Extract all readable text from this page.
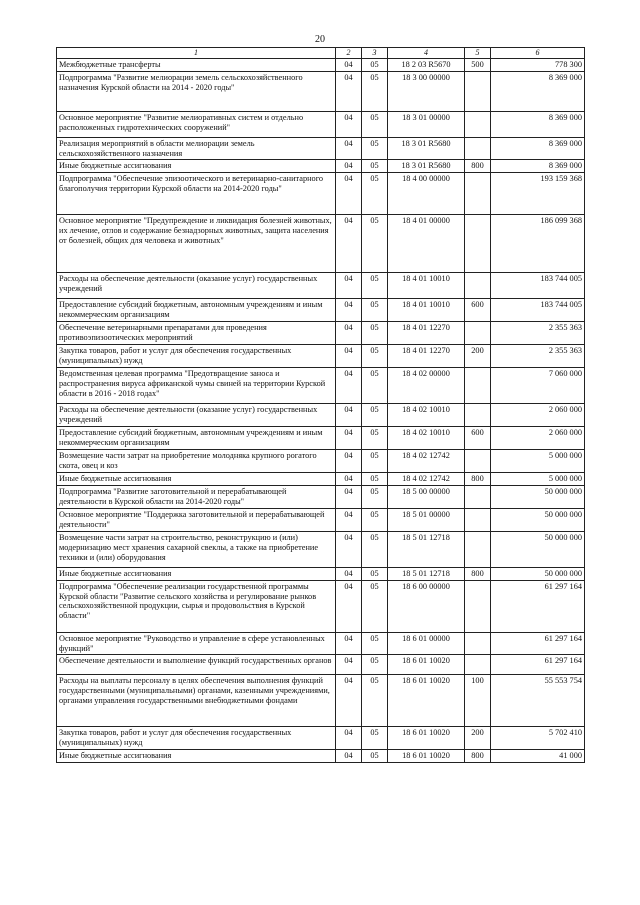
20
1	2	3	4	5	6
Межбюджетные трансферты	04	05	18 2 03 R5670	500	778 300
Подпрограмма "Развитие мелиорации земель сельскохозяйственного назначения Курской области на 2014 - 2020 годы"	04	05	18 3 00 00000		8 369 000
Основное мероприятие "Развитие мелиоративных систем и отдельно расположенных гидротехнических сооружений"	04	05	18 3 01 00000		8 369 000
Реализация мероприятий в области мелиорации земель сельскохозяйственного назначения	04	05	18 3 01 R5680		8 369 000
Иные бюджетные ассигнования	04	05	18 3 01 R5680	800	8 369 000
Подпрограмма "Обеспечение эпизоотического и ветеринарно-санитарного благополучия территории Курской области на 2014-2020 годы"	04	05	18 4 00 00000		193 159 368
Основное мероприятие "Предупреждение и ликвидация болезней животных, их лечение, отлов и содержание безнадзорных животных, защита населения от болезней, общих для человека и животных"	04	05	18 4 01 00000		186 099 368
Расходы на обеспечение деятельности (оказание услуг) государственных учреждений	04	05	18 4 01 10010		183 744 005
Предоставление субсидий бюджетным, автономным учреждениям и иным некоммерческим организациям	04	05	18 4 01 10010	600	183 744 005
Обеспечение ветеринарными препаратами для проведения противоэпизоотических мероприятий	04	05	18 4 01 12270		2 355 363
Закупка товаров, работ и услуг для обеспечения государственных (муниципальных) нужд	04	05	18 4 01 12270	200	2 355 363
Ведомственная целевая программа "Предотвращение заноса и распространения вируса африканской чумы свиней на территории Курской области в 2016 - 2018 годах"	04	05	18 4 02 00000		7 060 000
Расходы на обеспечение деятельности (оказание услуг) государственных учреждений	04	05	18 4 02 10010		2 060 000
Предоставление субсидий бюджетным, автономным учреждениям и иным некоммерческим организациям	04	05	18 4 02 10010	600	2 060 000
Возмещение части затрат на приобретение молодняка крупного рогатого скота, овец и коз	04	05	18 4 02 12742		5 000 000
Иные бюджетные ассигнования	04	05	18 4 02 12742	800	5 000 000
Подпрограмма "Развитие заготовительной и перерабатывающей деятельности в Курской области на 2014-2020 годы"	04	05	18 5 00 00000		50 000 000
Основное мероприятие "Поддержка заготовительной и перерабатывающей деятельности"	04	05	18 5 01 00000		50 000 000
Возмещение части затрат на строительство, реконструкцию и (или) модернизацию мест хранения сахарной свеклы, а также на приобретение техники и (или) оборудования	04	05	18 5 01 12718		50 000 000
Иные бюджетные ассигнования	04	05	18 5 01 12718	800	50 000 000
Подпрограмма "Обеспечение реализации государственной программы Курской области "Развитие сельского хозяйства и регулирование рынков сельскохозяйственной продукции, сырья и продовольствия в Курской области"	04	05	18 6 00 00000		61 297 164
Основное мероприятие "Руководство и управление в сфере установленных функций"	04	05	18 6 01 00000		61 297 164
Обеспечение деятельности и выполнение функций государственных органов	04	05	18 6 01 10020		61 297 164
Расходы на выплаты персоналу в целях обеспечения выполнения функций государственными (муниципальными) органами, казенными учреждениями, органами управления государственными внебюджетными фондами	04	05	18 6 01 10020	100	55 553 754
Закупка товаров, работ и услуг для обеспечения государственных (муниципальных) нужд	04	05	18 6 01 10020	200	5 702 410
Иные бюджетные ассигнования	04	05	18 6 01 10020	800	41 000
